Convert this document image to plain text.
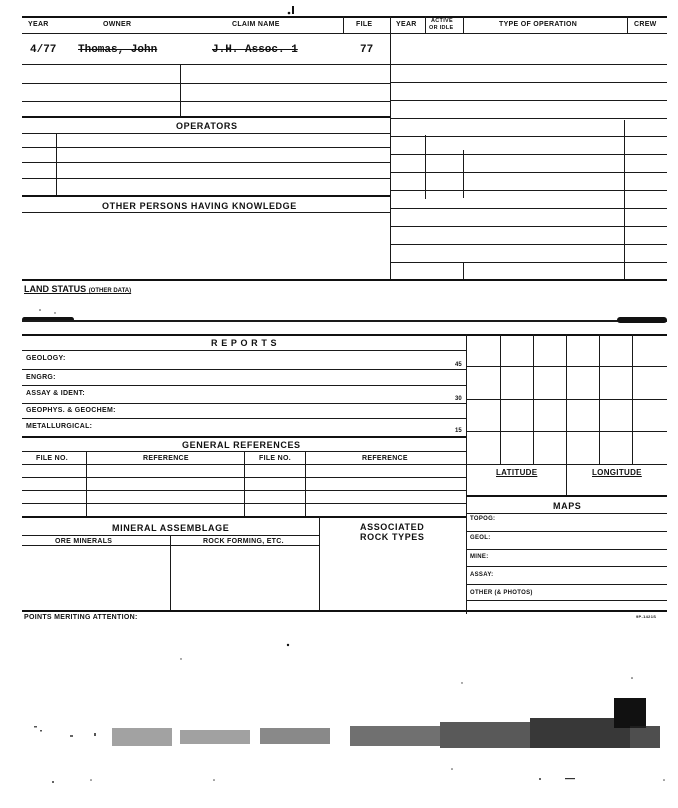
YEAR	OWNER	CLAIM NAME	FILE	YEAR	ACTIVE
OR IDLE	TYPE OF OPERATION	CREW
4/77 Thomas, John	J.H. Assoc. 1	77
OPERATORS
OTHER PERSONS HAVING KNOWLEDGE
LAND STATUS (OTHER DATA)
R E P O R T S
GEOLOGY:
45
ENGRG:
ASSAY & IDENT:
30
GEOPHYS. & GEOCHEM:
METALLURGICAL:
15
GENERAL REFERENCES
FILE NO.	REFERENCE	FILE NO.	REFERENCE
MINERAL ASSEMBLAGE	ASSOCIATED
ROCK TYPES
ORE MINERALS	ROCK FORMING, ETC.
LATITUDE	LONGITUDE
MAPS
TOPOG:
GEOL:
MINE:
ASSAY:
OTHER (& PHOTOS)
POINTS MERITING ATTENTION:	9P-1421S
